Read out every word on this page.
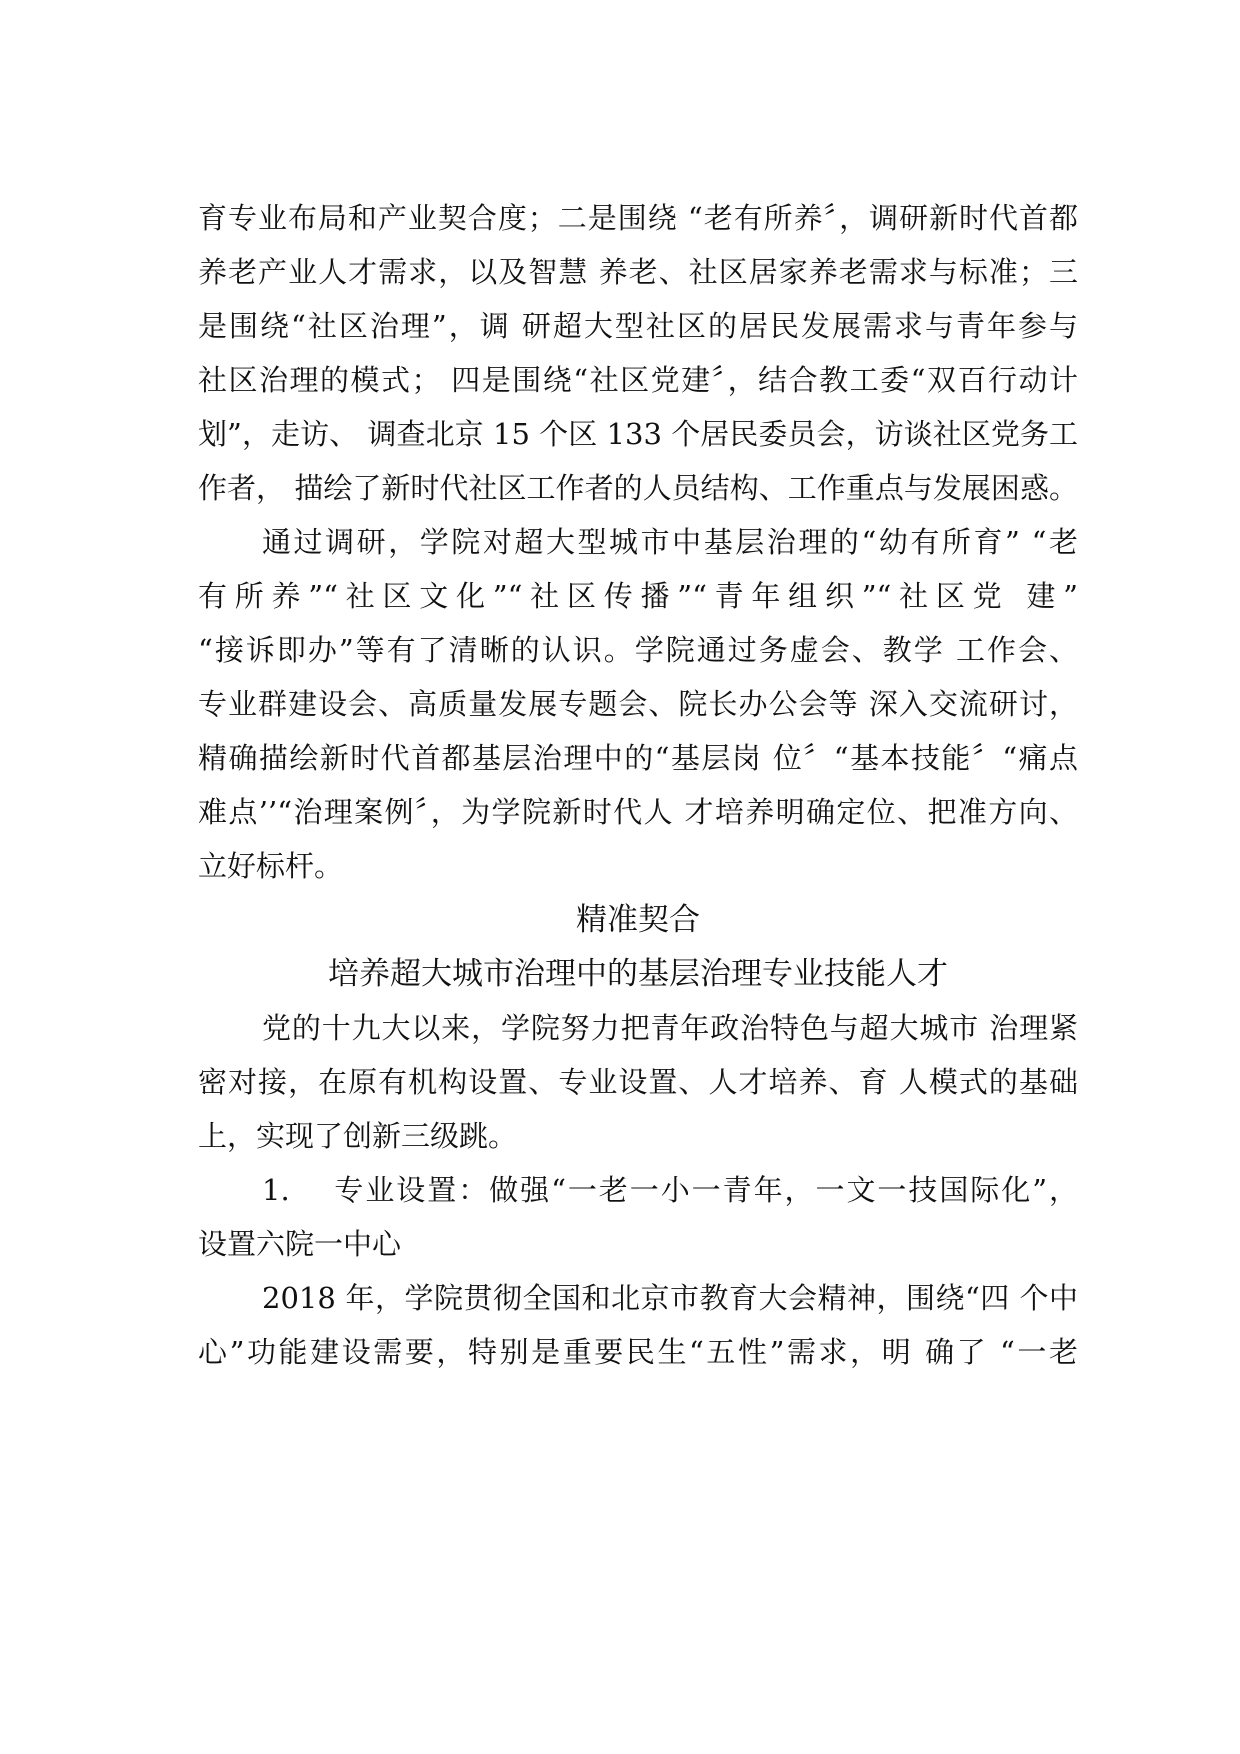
育专业布局和产业契合度；二是围绕 “老有所养〞，调研新时代首都
养老产业人才需求，以及智慧 养老、社区居家养老需求与标准；三
是围绕“社区治理”，调 研超大型社区的居民发展需求与青年参与
社区治理的模式； 四是围绕“社区党建〞，结合教工委“双百行动计
划”，走访、 调查北京 15 个区 133 个居民委员会，访谈社区党务工
作者， 描绘了新时代社区工作者的人员结构、工作重点与发展困惑。
通过调研，学院对超大型城市中基层治理的“幼有所育” “老
有所养”“社区文化”“社区传播”“青年组织”“社区党 建”
“接诉即办”等有了清晰的认识。学院通过务虚会、教学 工作会、
专业群建设会、高质量发展专题会、院长办公会等 深入交流研讨，
精确描绘新时代首都基层治理中的“基层岗 位〞“基本技能〞“痛点
难点’’“治理案例〞，为学院新时代人 才培养明确定位、把准方向、
立好标杆。
精准契合
培养超大城市治理中的基层治理专业技能人才
党的十九大以来，学院努力把青年政治特色与超大城市 治理紧
密对接，在原有机构设置、专业设置、人才培养、育 人模式的基础
上，实现了创新三级跳。
1.    专业设置：做强“一老一小一青年，一文一技国际化”，
设置六院一中心
2018 年，学院贯彻全国和北京市教育大会精神，围绕“四 个中
心”功能建设需要，特别是重要民生“五性”需求，明 确了 “一老
